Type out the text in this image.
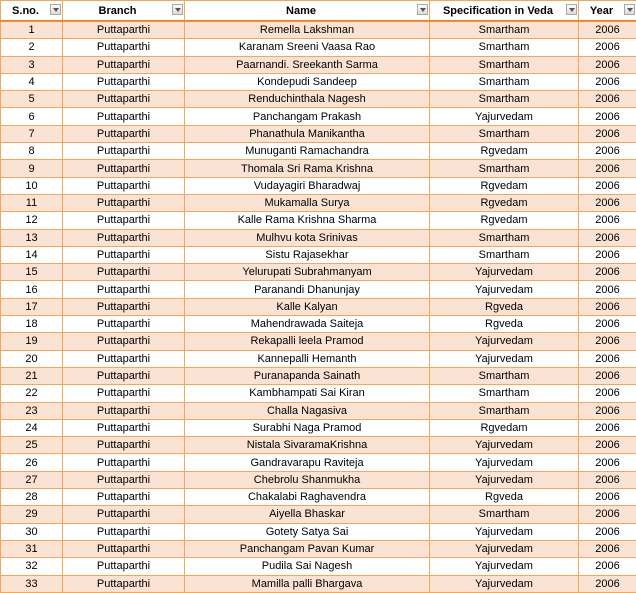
S.no.	Branch	Name	Specification in Veda	Year

1	Puttaparthi	Remella Lakshman	Smartham	2006
2	Puttaparthi	Karanam Sreeni Vaasa Rao	Smartham	2006
3	Puttaparthi	Paarnandi. Sreekanth Sarma	Smartham	2006
4	Puttaparthi	Kondepudi Sandeep	Smartham	2006
5	Puttaparthi	Renduchinthala Nagesh	Smartham	2006
6	Puttaparthi	Panchangam Prakash	Yajurvedam	2006
7	Puttaparthi	Phanathula Manikantha	Smartham	2006
8	Puttaparthi	Munuganti Ramachandra	Rgvedam	2006
9	Puttaparthi	Thomala Sri Rama Krishna	Smartham	2006
10	Puttaparthi	Vudayagiri Bharadwaj	Rgvedam	2006
11	Puttaparthi	Mukamalla Surya	Rgvedam	2006
12	Puttaparthi	Kalle Rama Krishna Sharma	Rgvedam	2006
13	Puttaparthi	Mulhvu kota Srinivas	Smartham	2006
14	Puttaparthi	Sistu Rajasekhar	Smartham	2006
15	Puttaparthi	Yelurupati Subrahmanyam	Yajurvedam	2006
16	Puttaparthi	Paranandi Dhanunjay	Yajurvedam	2006
17	Puttaparthi	Kalle Kalyan	Rgveda	2006
18	Puttaparthi	Mahendrawada Saiteja	Rgveda	2006
19	Puttaparthi	Rekapalli leela Pramod	Yajurvedam	2006
20	Puttaparthi	Kannepalli Hemanth	Yajurvedam	2006
21	Puttaparthi	Puranapanda Sainath	Smartham	2006
22	Puttaparthi	Kambhampati Sai Kiran	Smartham	2006
23	Puttaparthi	Challa Nagasiva	Smartham	2006
24	Puttaparthi	Surabhi Naga Pramod	Rgvedam	2006
25	Puttaparthi	Nistala SivaramaKrishna	Yajurvedam	2006
26	Puttaparthi	Gandravarapu Raviteja	Yajurvedam	2006
27	Puttaparthi	Chebrolu Shanmukha	Yajurvedam	2006
28	Puttaparthi	Chakalabi Raghavendra	Rgveda	2006
29	Puttaparthi	Aiyella Bhaskar	Smartham	2006
30	Puttaparthi	Gotety Satya Sai	Yajurvedam	2006
31	Puttaparthi	Panchangam Pavan Kumar	Yajurvedam	2006
32	Puttaparthi	Pudila Sai Nagesh	Yajurvedam	2006
33	Puttaparthi	Mamilla palli Bhargava	Yajurvedam	2006
